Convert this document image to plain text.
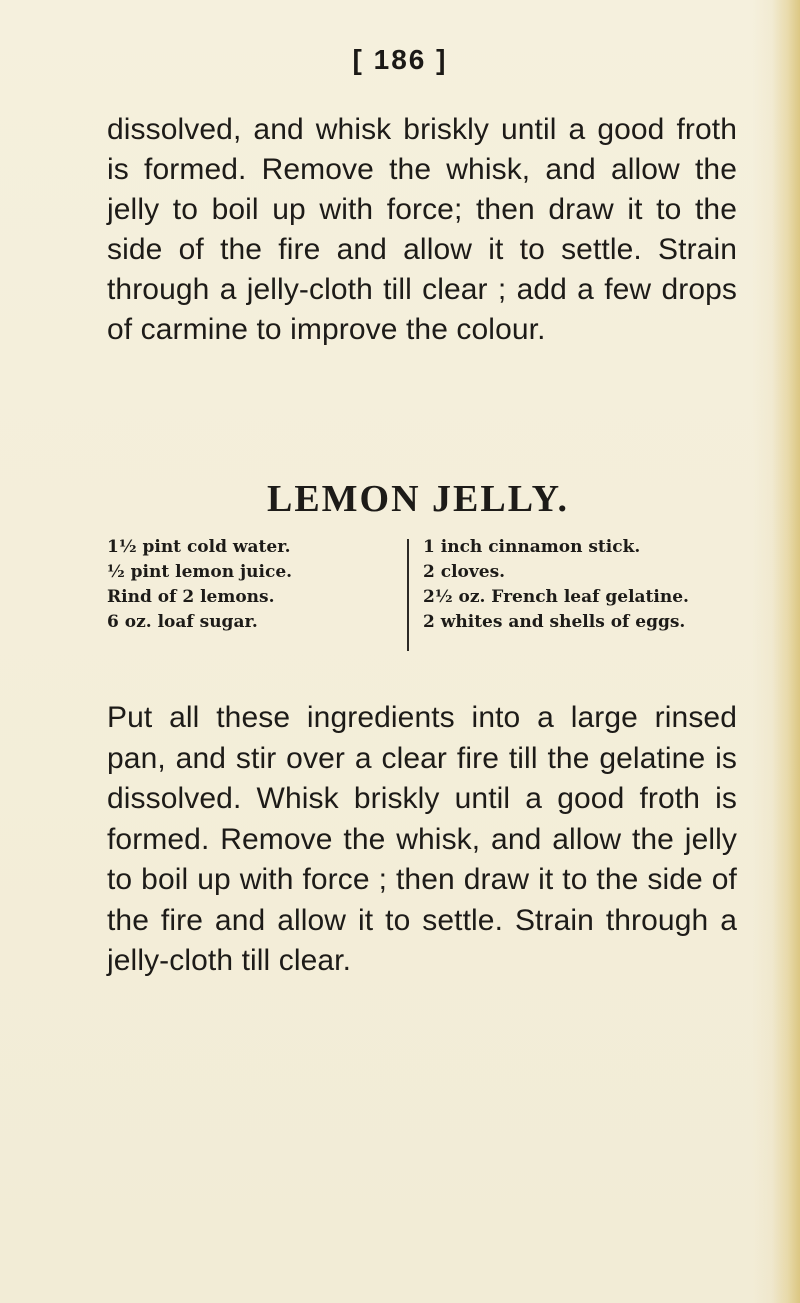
[ 186 ]

dissolved, and whisk briskly until a good froth is formed. Remove the whisk, and allow the jelly to boil up with force; then draw it to the side of the fire and allow it to settle. Strain through a jelly-cloth till clear ; add a few drops of carmine to improve the colour.

LEMON JELLY.
1½ pint cold water.
½ pint lemon juice.
Rind of 2 lemons.
6 oz. loaf sugar.
1 inch cinnamon stick.
2 cloves.
2½ oz. French leaf gelatine.
2 whites and shells of eggs.

Put all these ingredients into a large rinsed pan, and stir over a clear fire till the gelatine is dissolved. Whisk briskly until a good froth is formed. Remove the whisk, and allow the jelly to boil up with force ; then draw it to the side of the fire and allow it to settle. Strain through a jelly-cloth till clear.
